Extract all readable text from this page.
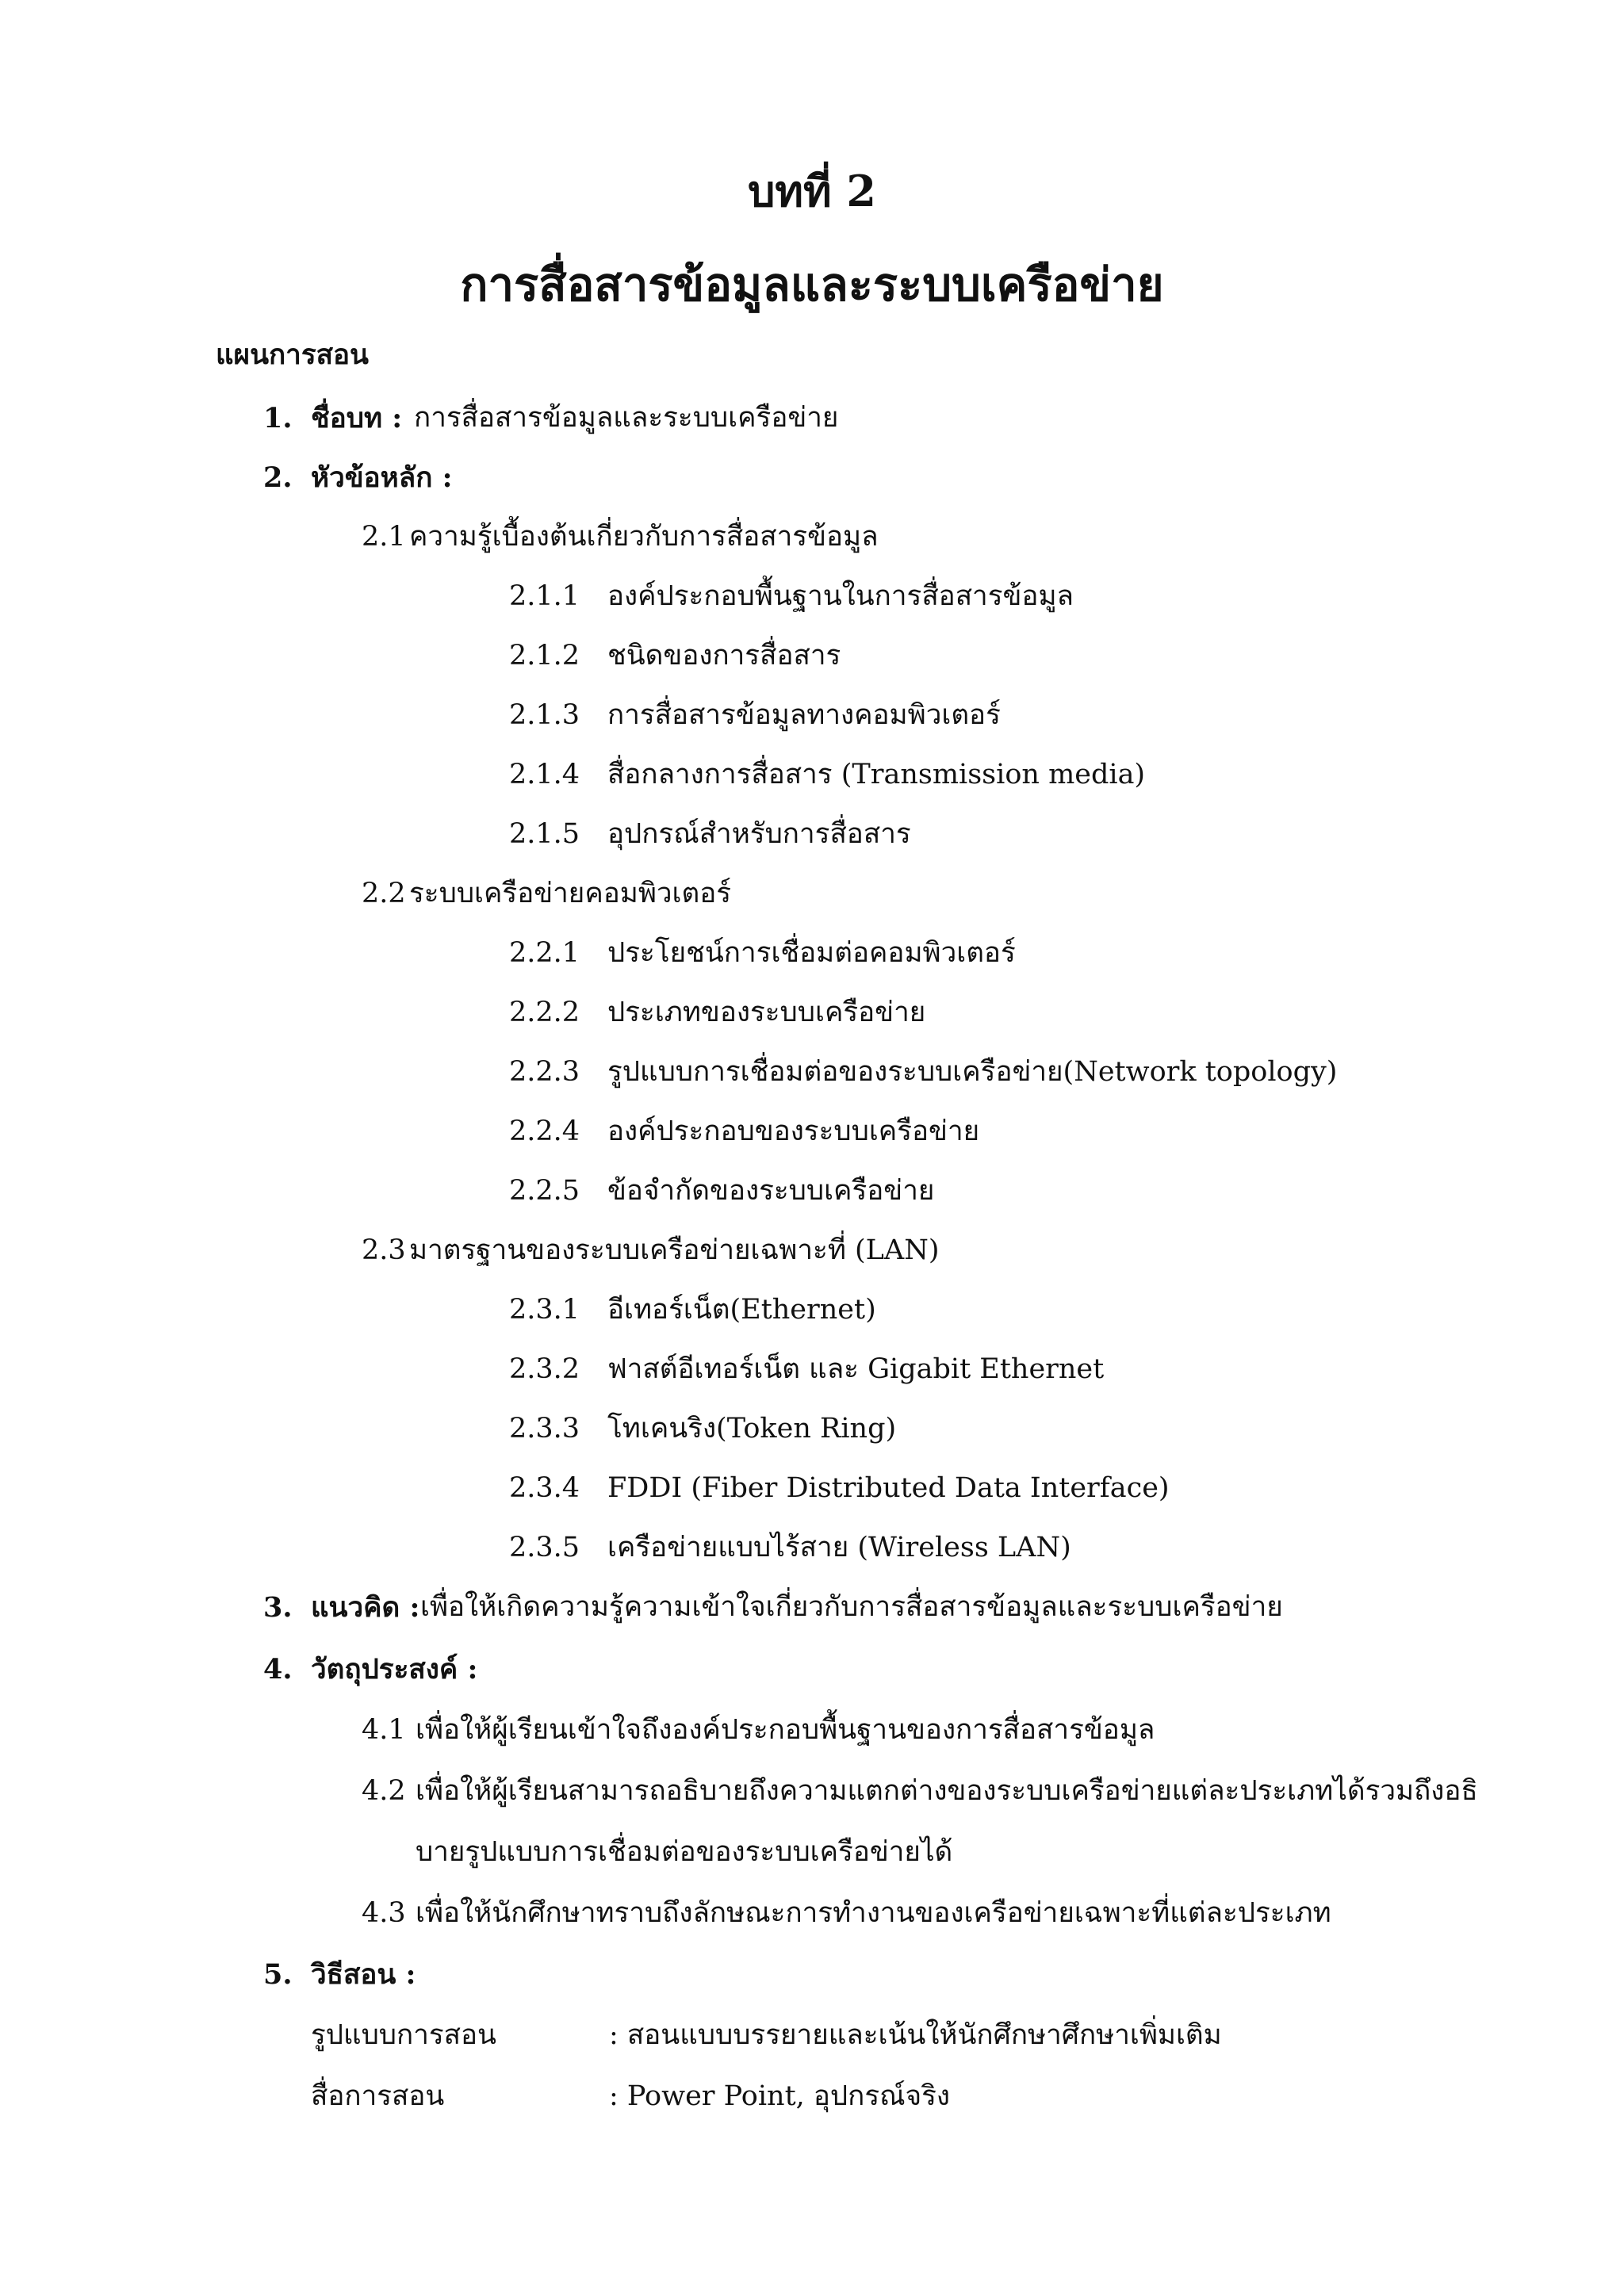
บทที่ 2
การสื่อสารข้อมูลและระบบเครือข่าย
แผนการสอน
1. ชื่อบท : การสื่อสารข้อมูลและระบบเครือข่าย
2. หัวข้อหลัก :
2.1 ความรู้เบื้องต้นเกี่ยวกับการสื่อสารข้อมูล
2.1.1 องค์ประกอบพื้นฐานในการสื่อสารข้อมูล
2.1.2 ชนิดของการสื่อสาร
2.1.3 การสื่อสารข้อมูลทางคอมพิวเตอร์
2.1.4 สื่อกลางการสื่อสาร (Transmission media)
2.1.5 อุปกรณ์สำหรับการสื่อสาร
2.2 ระบบเครือข่ายคอมพิวเตอร์
2.2.1 ประโยชน์การเชื่อมต่อคอมพิวเตอร์
2.2.2 ประเภทของระบบเครือข่าย
2.2.3 รูปแบบการเชื่อมต่อของระบบเครือข่าย(Network topology)
2.2.4 องค์ประกอบของระบบเครือข่าย
2.2.5 ข้อจำกัดของระบบเครือข่าย
2.3 มาตรฐานของระบบเครือข่ายเฉพาะที่ (LAN)
2.3.1 อีเทอร์เน็ต(Ethernet)
2.3.2 ฟาสต์อีเทอร์เน็ต และ Gigabit Ethernet
2.3.3 โทเคนริง(Token Ring)
2.3.4 FDDI (Fiber Distributed Data Interface)
2.3.5 เครือข่ายแบบไร้สาย (Wireless LAN)
3. แนวคิด : เพื่อให้เกิดความรู้ความเข้าใจเกี่ยวกับการสื่อสารข้อมูลและระบบเครือข่าย
4. วัตถุประสงค์ :
4.1 เพื่อให้ผู้เรียนเข้าใจถึงองค์ประกอบพื้นฐานของการสื่อสารข้อมูล
4.2 เพื่อให้ผู้เรียนสามารถอธิบายถึงความแตกต่างของระบบเครือข่ายแต่ละประเภทได้รวมถึงอธิ
บายรูปแบบการเชื่อมต่อของระบบเครือข่ายได้
4.3 เพื่อให้นักศึกษาทราบถึงลักษณะการทำงานของเครือข่ายเฉพาะที่แต่ละประเภท
5. วิธีสอน :
รูปแบบการสอน	: สอนแบบบรรยายและเน้นให้นักศึกษาศึกษาเพิ่มเติม
สื่อการสอน	: Power Point, อุปกรณ์จริง
